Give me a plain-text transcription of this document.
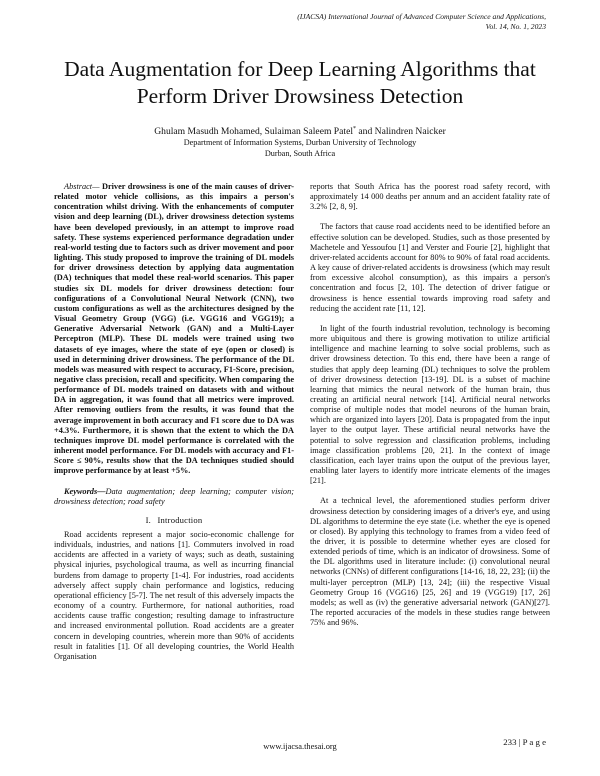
(IJACSA) International Journal of Advanced Computer Science and Applications,
Vol. 14, No. 1, 2023
Data Augmentation for Deep Learning Algorithms that Perform Driver Drowsiness Detection
Ghulam Masudh Mohamed, Sulaiman Saleem Patel* and Nalindren Naicker
Department of Information Systems, Durban University of Technology
Durban, South Africa

Abstract— Driver drowsiness is one of the main causes of driver-related motor vehicle collisions, as this impairs a person's concentration whilst driving. With the enhancements of computer vision and deep learning (DL), driver drowsiness detection systems have been developed previously, in an attempt to improve road safety. These systems experienced performance degradation under real-world testing due to factors such as driver movement and poor lighting. This study proposed to improve the training of DL models for driver drowsiness detection by applying data augmentation (DA) techniques that model these real-world scenarios. This paper studies six DL models for driver drowsiness detection: four configurations of a Convolutional Neural Network (CNN), two custom configurations as well as the architectures designed by the Visual Geometry Group (VGG) (i.e. VGG16 and VGG19); a Generative Adversarial Network (GAN) and a Multi-Layer Perceptron (MLP). These DL models were trained using two datasets of eye images, where the state of eye (open or closed) is used in determining driver drowsiness. The performance of the DL models was measured with respect to accuracy, F1-Score, precision, negative class precision, recall and specificity. When comparing the performance of DL models trained on datasets with and without DA in aggregation, it was found that all metrics were improved. After removing outliers from the results, it was found that the average improvement in both accuracy and F1 score due to DA was +4.3%. Furthermore, it is shown that the extent to which the DA techniques improve DL model performance is correlated with the inherent model performance. For DL models with accuracy and F1-Score ≤ 90%, results show that the DA techniques studied should improve performance by at least +5%.

Keywords—Data augmentation; deep learning; computer vision; drowsiness detection; road safety

I. Introduction

Road accidents represent a major socio-economic challenge for individuals, industries, and nations [1]. Commuters involved in road accidents are affected in a variety of ways; such as death, sustaining physical injuries, psychological trauma, as well as incurring financial burdens from damage to property [1-4]. For industries, road accidents adversely affect supply chain performance and logistics, reducing operational efficiency [5-7]. The net result of this adversely impacts the economy of a country. Furthermore, for national authorities, road accidents cause traffic congestion; resulting damage to infrastructure and increased environmental pollution. Road accidents are a greater concern in developing countries, wherein more than 90% of accidents result in fatalities [1]. Of all developing countries, the World Health Organisation

reports that South Africa has the poorest road safety record, with approximately 14 000 deaths per annum and an accident fatality rate of 3.2% [2, 8, 9].

The factors that cause road accidents need to be identified before an effective solution can be developed. Studies, such as those presented by Machetele and Yessoufou [1] and Verster and Fourie [2], highlight that driver-related accidents account for 80% to 90% of fatal road accidents. A key cause of driver-related accidents is drowsiness (which may result from excessive alcohol consumption), as this impairs a person's concentration and focus [2, 10]. The detection of driver fatigue or drowsiness is hence essential towards improving road safety and reducing the accident rate [11, 12].

In light of the fourth industrial revolution, technology is becoming more ubiquitous and there is growing motivation to utilize artificial intelligence and machine learning to solve social problems, such as driver drowsiness detection. To this end, there have been a range of studies that apply deep learning (DL) techniques to solve the problem of driver drowsiness detection [13-19]. DL is a subset of machine learning that mimics the neural network of the human brain, thus creating an artificial neural network [14]. Artificial neural networks comprise of multiple nodes that model neurons of the human brain, which are organized into layers [20]. Data is propagated from the input layer to the output layer. These artificial neural networks have the potential to solve regression and classification problems, including image classification problems [20, 21]. In the context of image classification, each layer trains upon the output of the previous layer, enabling later layers to identify more intricate elements of the images [21].

At a technical level, the aforementioned studies perform driver drowsiness detection by considering images of a driver's eye, and using DL algorithms to determine the eye state (i.e. whether the eye is opened or closed). By applying this technology to frames from a video feed of the driver, it is possible to determine whether eyes are closed for extended periods of time, which is an indicator of drowsiness. Some of the DL algorithms used in literature include: (i) convolutional neural networks (CNNs) of different configurations [14-16, 18, 22, 23]; (ii) the multi-layer perceptron (MLP) [13, 24]; (iii) the respective Visual Geometry Group 16 (VGG16) [25, 26] and 19 (VGG19) [17, 26] models; as well as (iv) the generative adversarial network (GAN)[27]. The reported accuracies of the models in these studies range between 75% and 96%.

www.ijacsa.thesai.org	233 | P a g e
